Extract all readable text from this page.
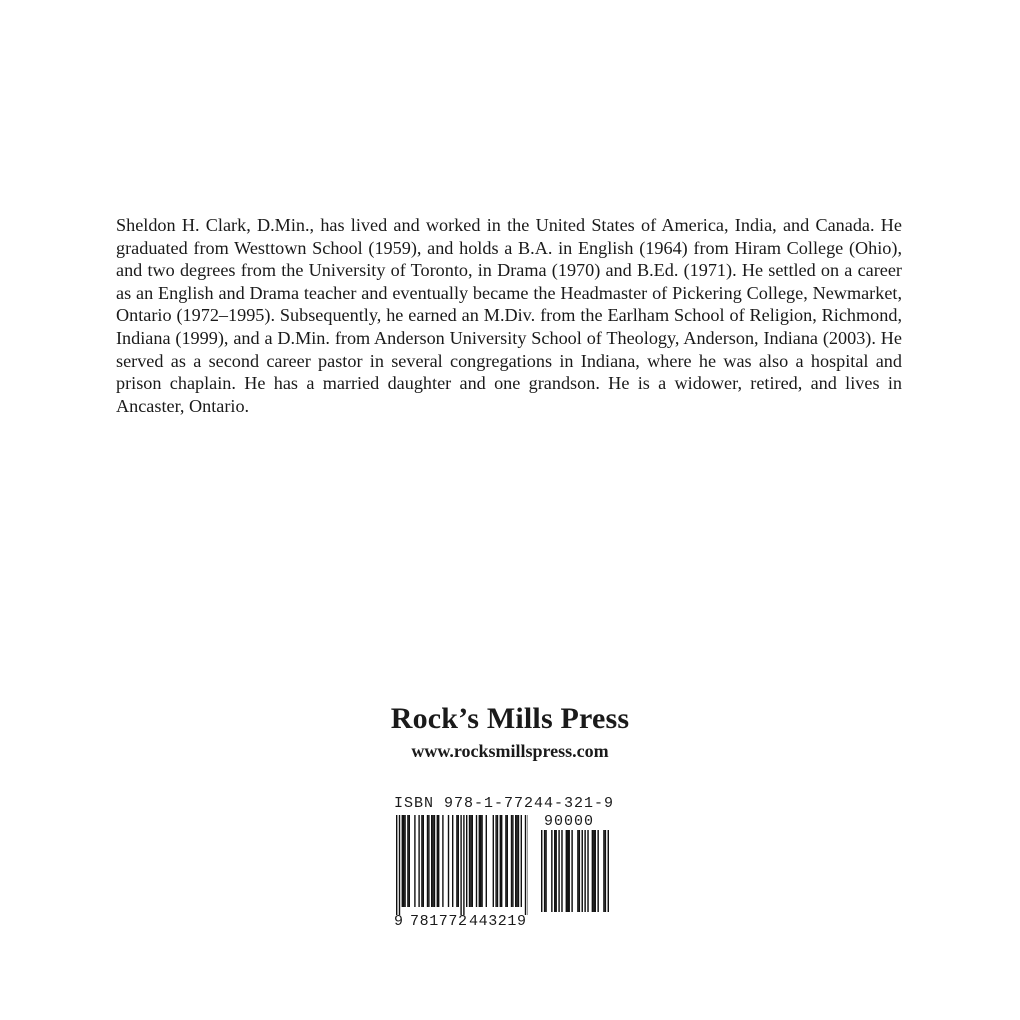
Sheldon H. Clark, D.Min., has lived and worked in the United States of America, India, and Canada. He graduated from Westtown School (1959), and holds a B.A. in English (1964) from Hiram College (Ohio), and two degrees from the University of Toronto, in Drama (1970) and B.Ed. (1971). He settled on a career as an English and Drama teacher and eventually became the Headmaster of Pickering College, Newmarket, Ontario (1972–1995). Subsequently, he earned an M.Div. from the Earlham School of Religion, Richmond, Indiana (1999), and a D.Min. from Anderson University School of Theology, Anderson, Indiana (2003). He served as a second career pastor in several congregations in Indiana, where he was also a hospital and prison chaplain. He has a married daughter and one grandson. He is a widower, retired, and lives in Ancaster, Ontario.

Rock’s Mills Press
www.rocksmillspress.com
ISBN 978-1-77244-321-9
90000
9 781772 443219
